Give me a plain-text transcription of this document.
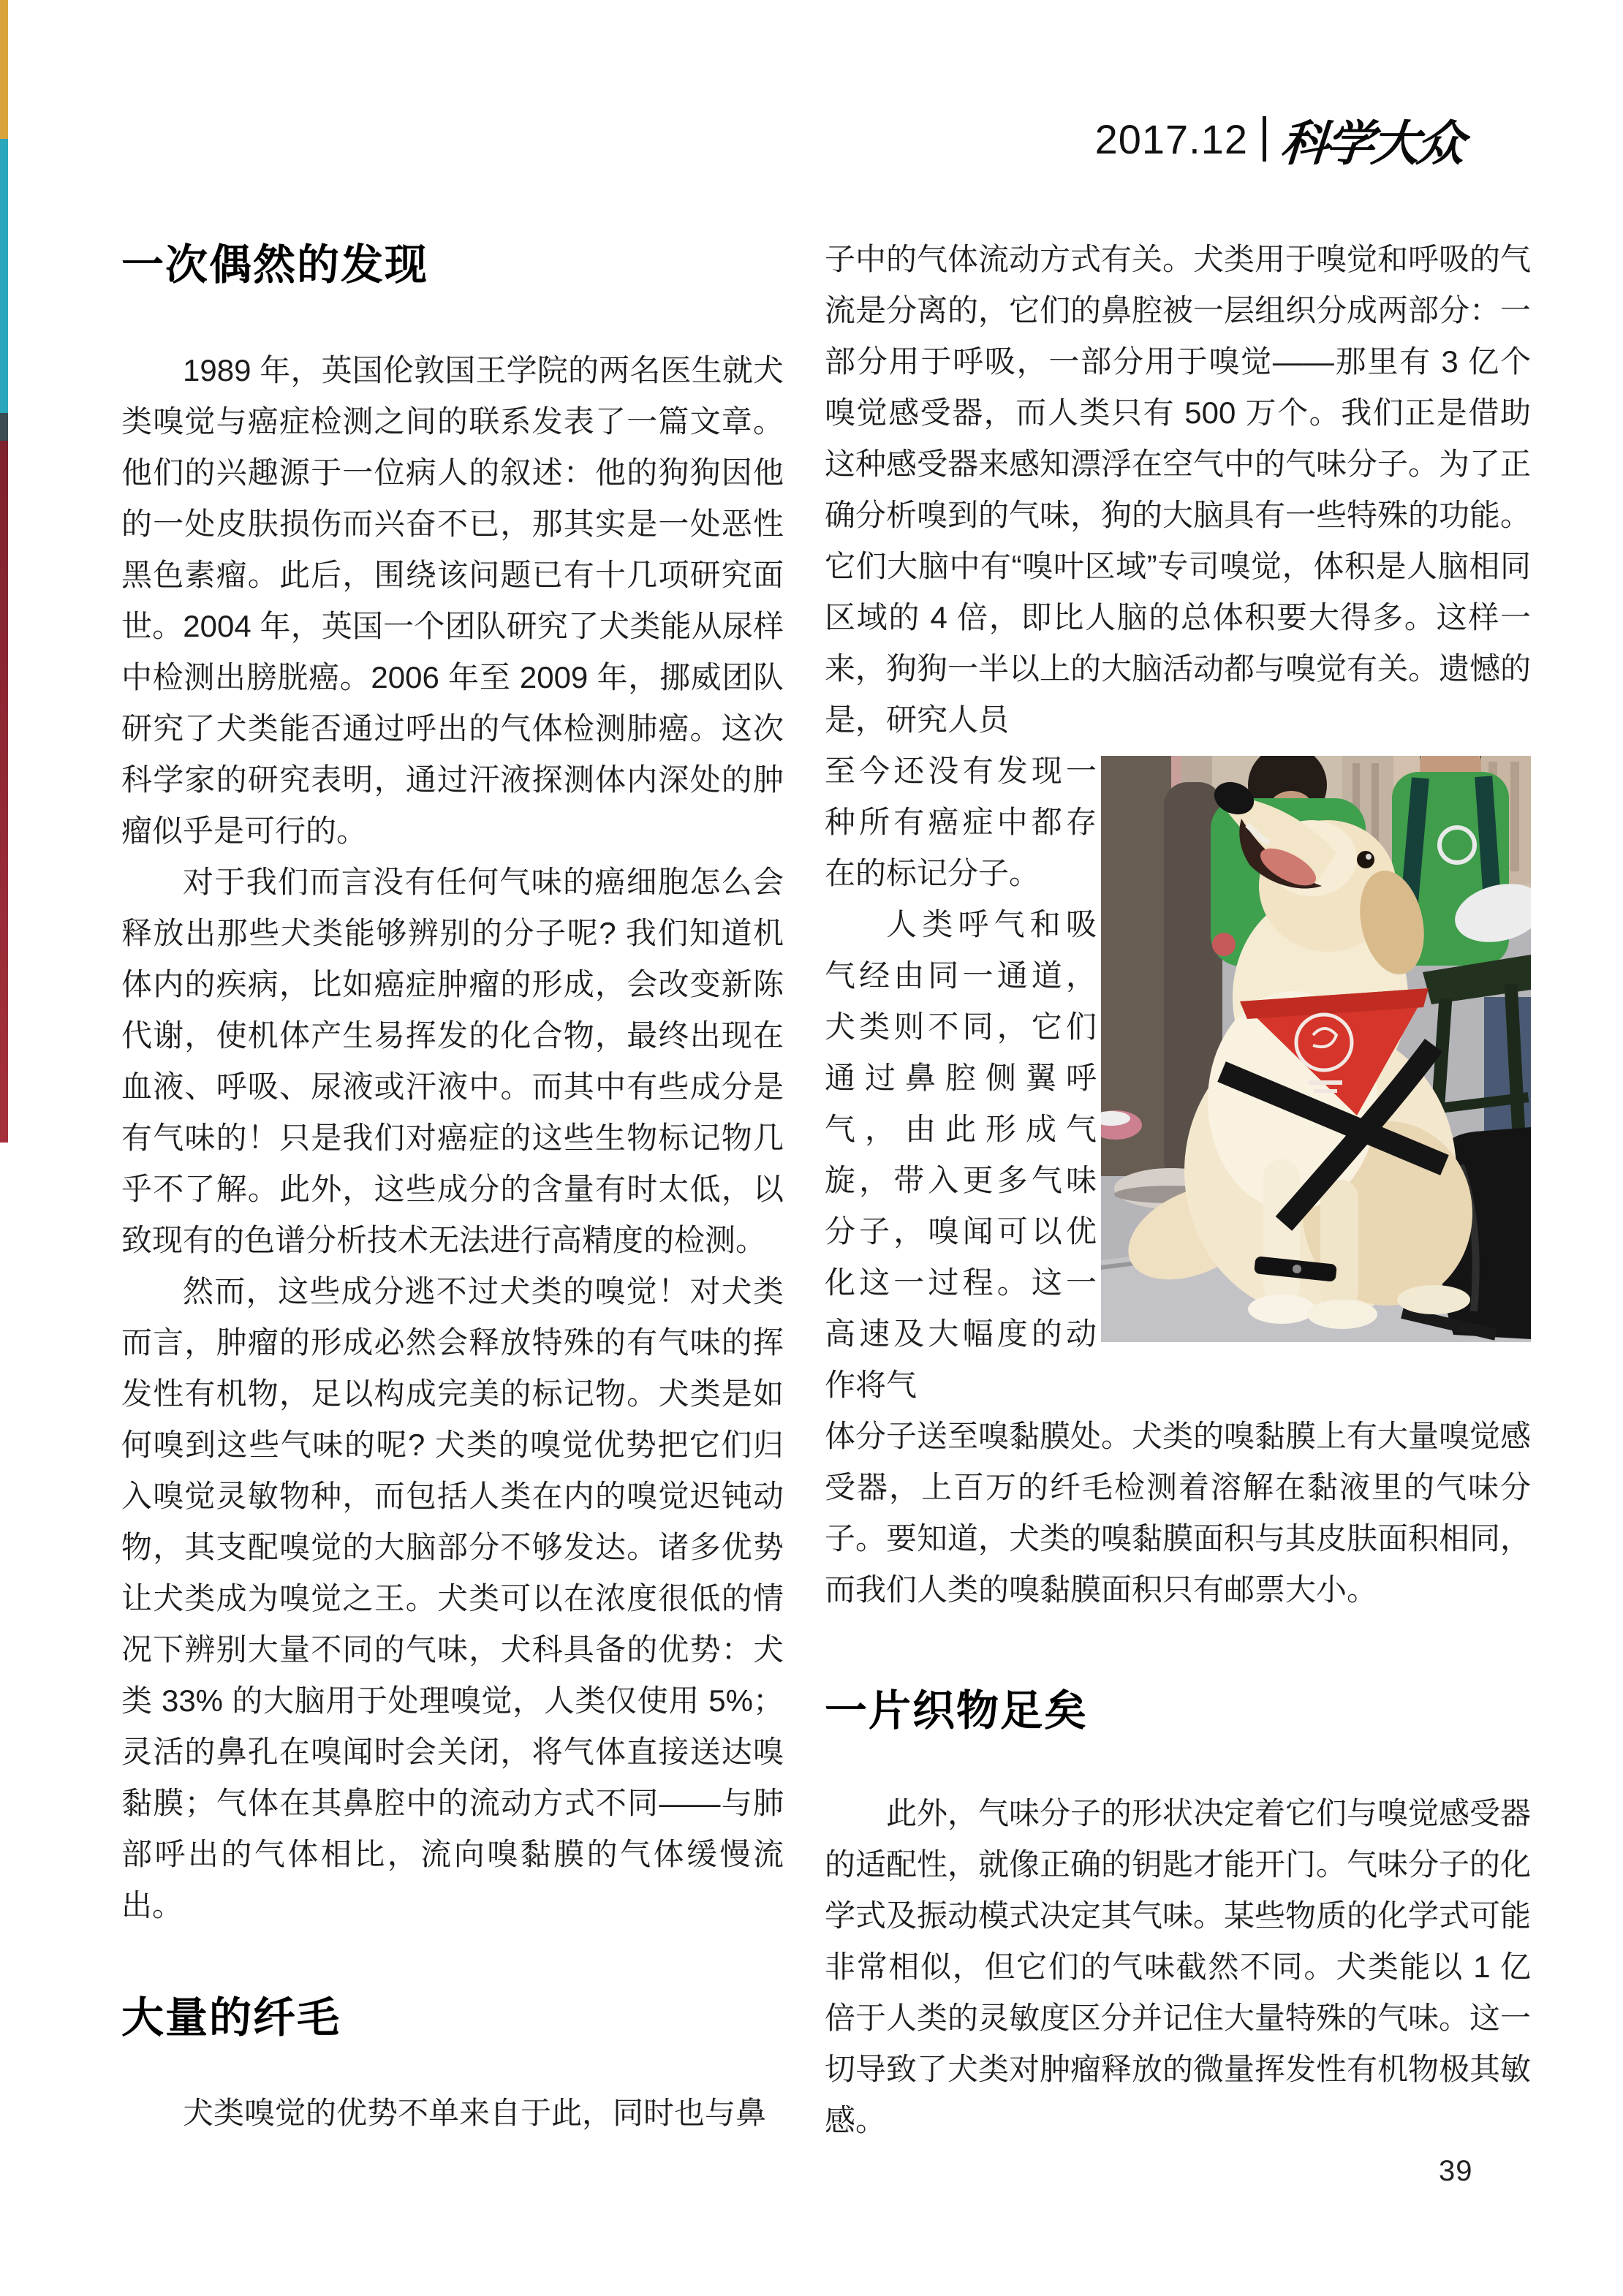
2017.12 科学大众
一次偶然的发现

1989 年，英国伦敦国王学院的两名医生就犬类嗅觉与癌症检测之间的联系发表了一篇文章。他们的兴趣源于一位病人的叙述：他的狗狗因他的一处皮肤损伤而兴奋不已，那其实是一处恶性黑色素瘤。此后，围绕该问题已有十几项研究面世。2004 年，英国一个团队研究了犬类能从尿样中检测出膀胱癌。2006 年至 2009 年，挪威团队研究了犬类能否通过呼出的气体检测肺癌。这次科学家的研究表明，通过汗液探测体内深处的肿瘤似乎是可行的。

对于我们而言没有任何气味的癌细胞怎么会释放出那些犬类能够辨别的分子呢? 我们知道机体内的疾病，比如癌症肿瘤的形成，会改变新陈代谢，使机体产生易挥发的化合物，最终出现在血液、呼吸、尿液或汗液中。而其中有些成分是有气味的！只是我们对癌症的这些生物标记物几乎不了解。此外，这些成分的含量有时太低，以致现有的色谱分析技术无法进行高精度的检测。

然而，这些成分逃不过犬类的嗅觉！对犬类而言，肿瘤的形成必然会释放特殊的有气味的挥发性有机物，足以构成完美的标记物。犬类是如何嗅到这些气味的呢? 犬类的嗅觉优势把它们归入嗅觉灵敏物种，而包括人类在内的嗅觉迟钝动物，其支配嗅觉的大脑部分不够发达。诸多优势让犬类成为嗅觉之王。犬类可以在浓度很低的情况下辨别大量不同的气味，犬科具备的优势：犬类 33% 的大脑用于处理嗅觉，人类仅使用 5%；灵活的鼻孔在嗅闻时会关闭，将气体直接送达嗅黏膜；气体在其鼻腔中的流动方式不同——与肺部呼出的气体相比，流向嗅黏膜的气体缓慢流出。

大量的纤毛

犬类嗅觉的优势不单来自于此，同时也与鼻

子中的气体流动方式有关。犬类用于嗅觉和呼吸的气流是分离的，它们的鼻腔被一层组织分成两部分：一部分用于呼吸，一部分用于嗅觉——那里有 3 亿个嗅觉感受器，而人类只有 500 万个。我们正是借助这种感受器来感知漂浮在空气中的气味分子。为了正确分析嗅到的气味，狗的大脑具有一些特殊的功能。它们大脑中有“嗅叶区域”专司嗅觉，体积是人脑相同区域的 4 倍，即比人脑的总体积要大得多。这样一来，狗狗一半以上的大脑活动都与嗅觉有关。遗憾的是，研究人员

至今还没有发现一种所有癌症中都存在的标记分子。

人类呼气和吸气经由同一通道，犬类则不同，它们通过鼻腔侧翼呼气，由此形成气旋，带入更多气味分子，嗅闻可以优化这一过程。这一高速及大幅度的动作将气

体分子送至嗅黏膜处。犬类的嗅黏膜上有大量嗅觉感受器，上百万的纤毛检测着溶解在黏液里的气味分子。要知道，犬类的嗅黏膜面积与其皮肤面积相同，而我们人类的嗅黏膜面积只有邮票大小。

一片织物足矣

此外，气味分子的形状决定着它们与嗅觉感受器的适配性，就像正确的钥匙才能开门。气味分子的化学式及振动模式决定其气味。某些物质的化学式可能非常相似，但它们的气味截然不同。犬类能以 1 亿倍于人类的灵敏度区分并记住大量特殊的气味。这一切导致了犬类对肿瘤释放的微量挥发性有机物极其敏感。

39
